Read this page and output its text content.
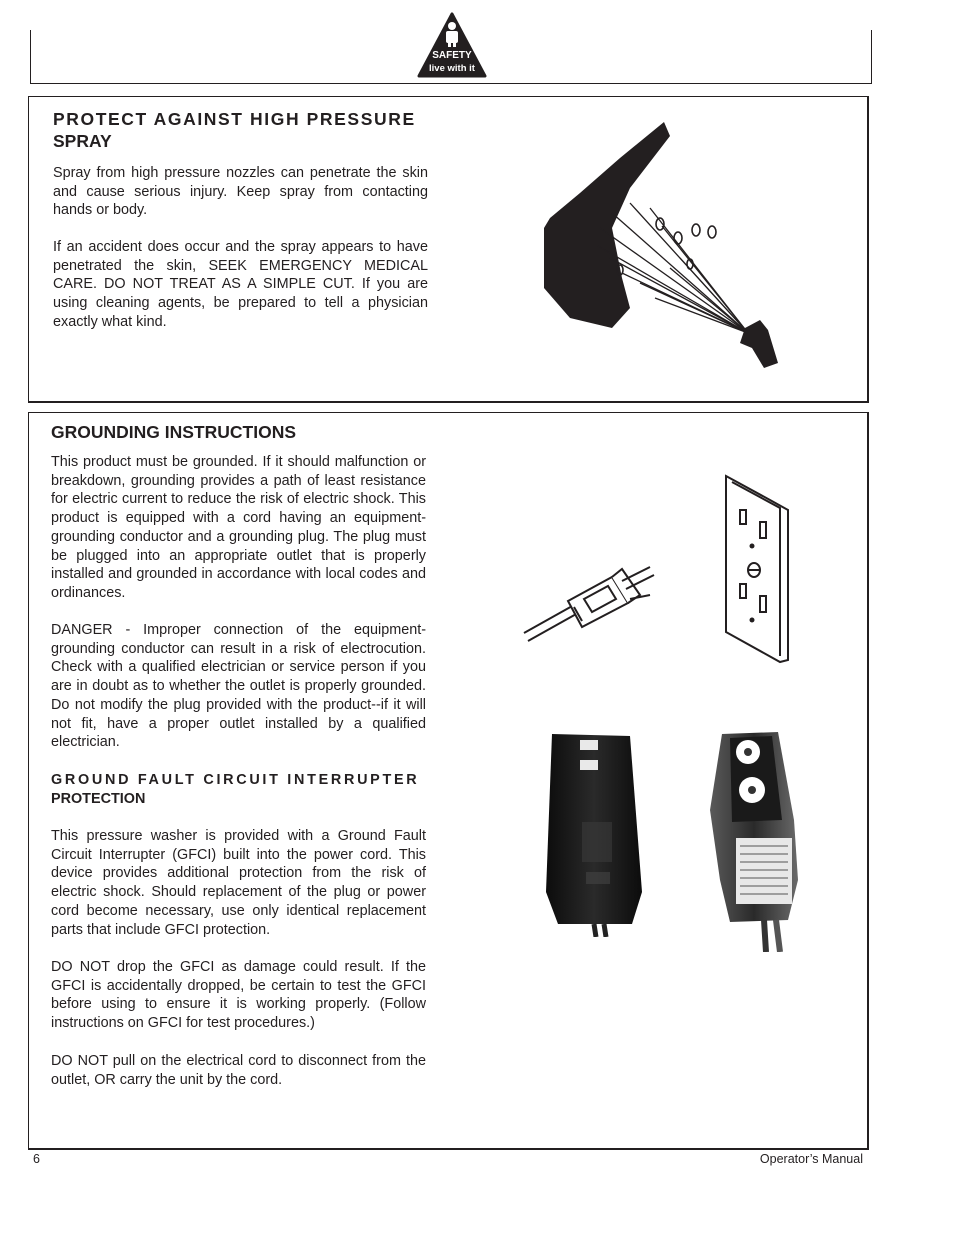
SAFETY
live with it
PROTECT AGAINST HIGH PRESSURE
SPRAY
Spray from high pressure nozzles can penetrate the skin and cause serious injury. Keep spray from contacting hands or body.
If an accident does occur and the spray appears to have penetrated the skin, SEEK EMERGENCY MEDICAL CARE. DO NOT TREAT AS A SIMPLE CUT. If you are using cleaning agents, be prepared to tell a physician exactly what kind.
GROUNDING INSTRUCTIONS
This product must be grounded. If it should malfunction or breakdown, grounding provides a path of least resistance for electric current to reduce the risk of electric shock. This product is equipped with a cord having an equipment-grounding conductor and a grounding plug. The plug must be plugged into an appropriate outlet that is properly installed and grounded in accordance with local codes and ordinances.
DANGER - Improper connection of the equipment-grounding conductor can result in a risk of electrocution. Check with a qualified electrician or service person if you are in doubt as to whether the outlet is properly grounded. Do not modify the plug provided with the product--if it will not fit, have a proper outlet installed by a qualified electrician.
GROUND FAULT CIRCUIT INTERRUPTER
PROTECTION
This pressure washer is provided with a Ground Fault Circuit Interrupter (GFCI) built into the power cord. This device provides additional protection from the risk of electric shock. Should replacement of the plug or power cord become necessary, use only identical replacement parts that include GFCI protection.
DO NOT drop the GFCI as damage could result. If the GFCI is accidentally dropped, be certain to test the GFCI before using to ensure it is working properly. (Follow instructions on GFCI for test procedures.)
DO NOT pull on the electrical cord to disconnect from the outlet, OR carry the unit by the cord.
6	Operator’s Manual
